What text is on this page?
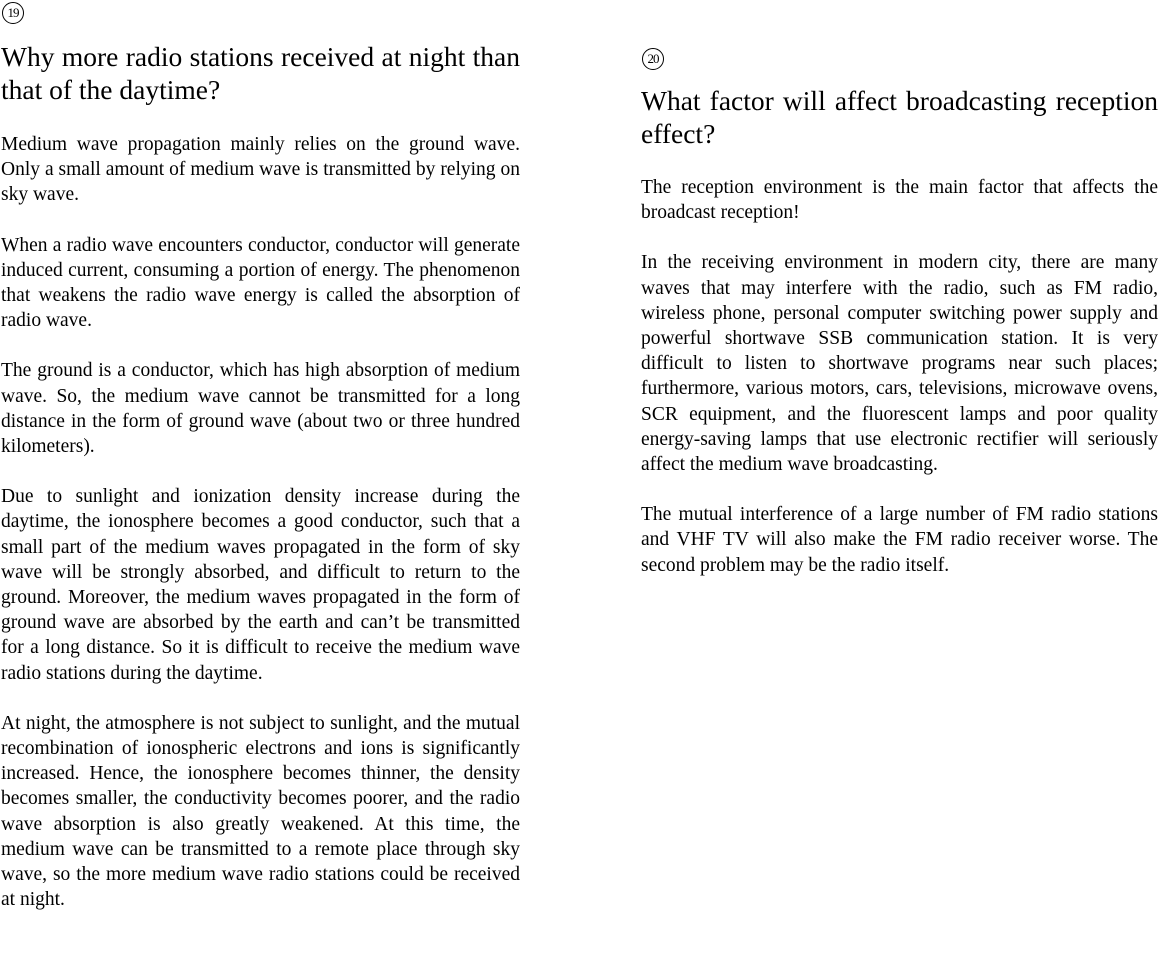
19
Why more radio stations received at night than that of the daytime?

Medium wave propagation mainly relies on the ground wave. Only a small amount of medium wave is transmitted by relying on sky wave.

When a radio wave encounters conductor, conductor will generate induced current, consuming a portion of energy. The phenomenon that weakens the radio wave energy is called the absorption of radio wave.

The ground is a conductor, which has high absorption of medium wave. So, the medium wave cannot be transmitted for a long distance in the form of ground wave (about two or three hundred kilometers).

Due to sunlight and ionization density increase during the daytime, the ionosphere becomes a good conductor, such that a small part of the medium waves propagated in the form of sky wave will be strongly absorbed, and difficult to return to the ground. Moreover, the medium waves propagated in the form of ground wave are absorbed by the earth and can’t be transmitted for a long distance. So it is difficult to receive the medium wave radio stations during the daytime.

At night, the atmosphere is not subject to sunlight, and the mutual recombination of ionospheric electrons and ions is significantly increased. Hence, the ionosphere becomes thinner, the density becomes smaller, the conductivity becomes poorer, and the radio wave absorption is also greatly weakened. At this time, the medium wave can be transmitted to a remote place through sky wave, so the more medium wave radio stations could be received at night.

20
What factor will affect broadcasting reception effect?

The reception environment is the main factor that affects the broadcast reception!

In the receiving environment in modern city, there are many waves that may interfere with the radio, such as FM radio, wireless phone, personal computer switching power supply and powerful shortwave SSB communication station. It is very difficult to listen to shortwave programs near such places; furthermore, various motors, cars, televisions, microwave ovens, SCR equipment, and the fluorescent lamps and poor quality energy-saving lamps that use electronic rectifier will seriously affect the medium wave broadcasting.

The mutual interference of a large number of FM radio stations and VHF TV will also make the FM radio receiver worse. The second problem may be the radio itself.
